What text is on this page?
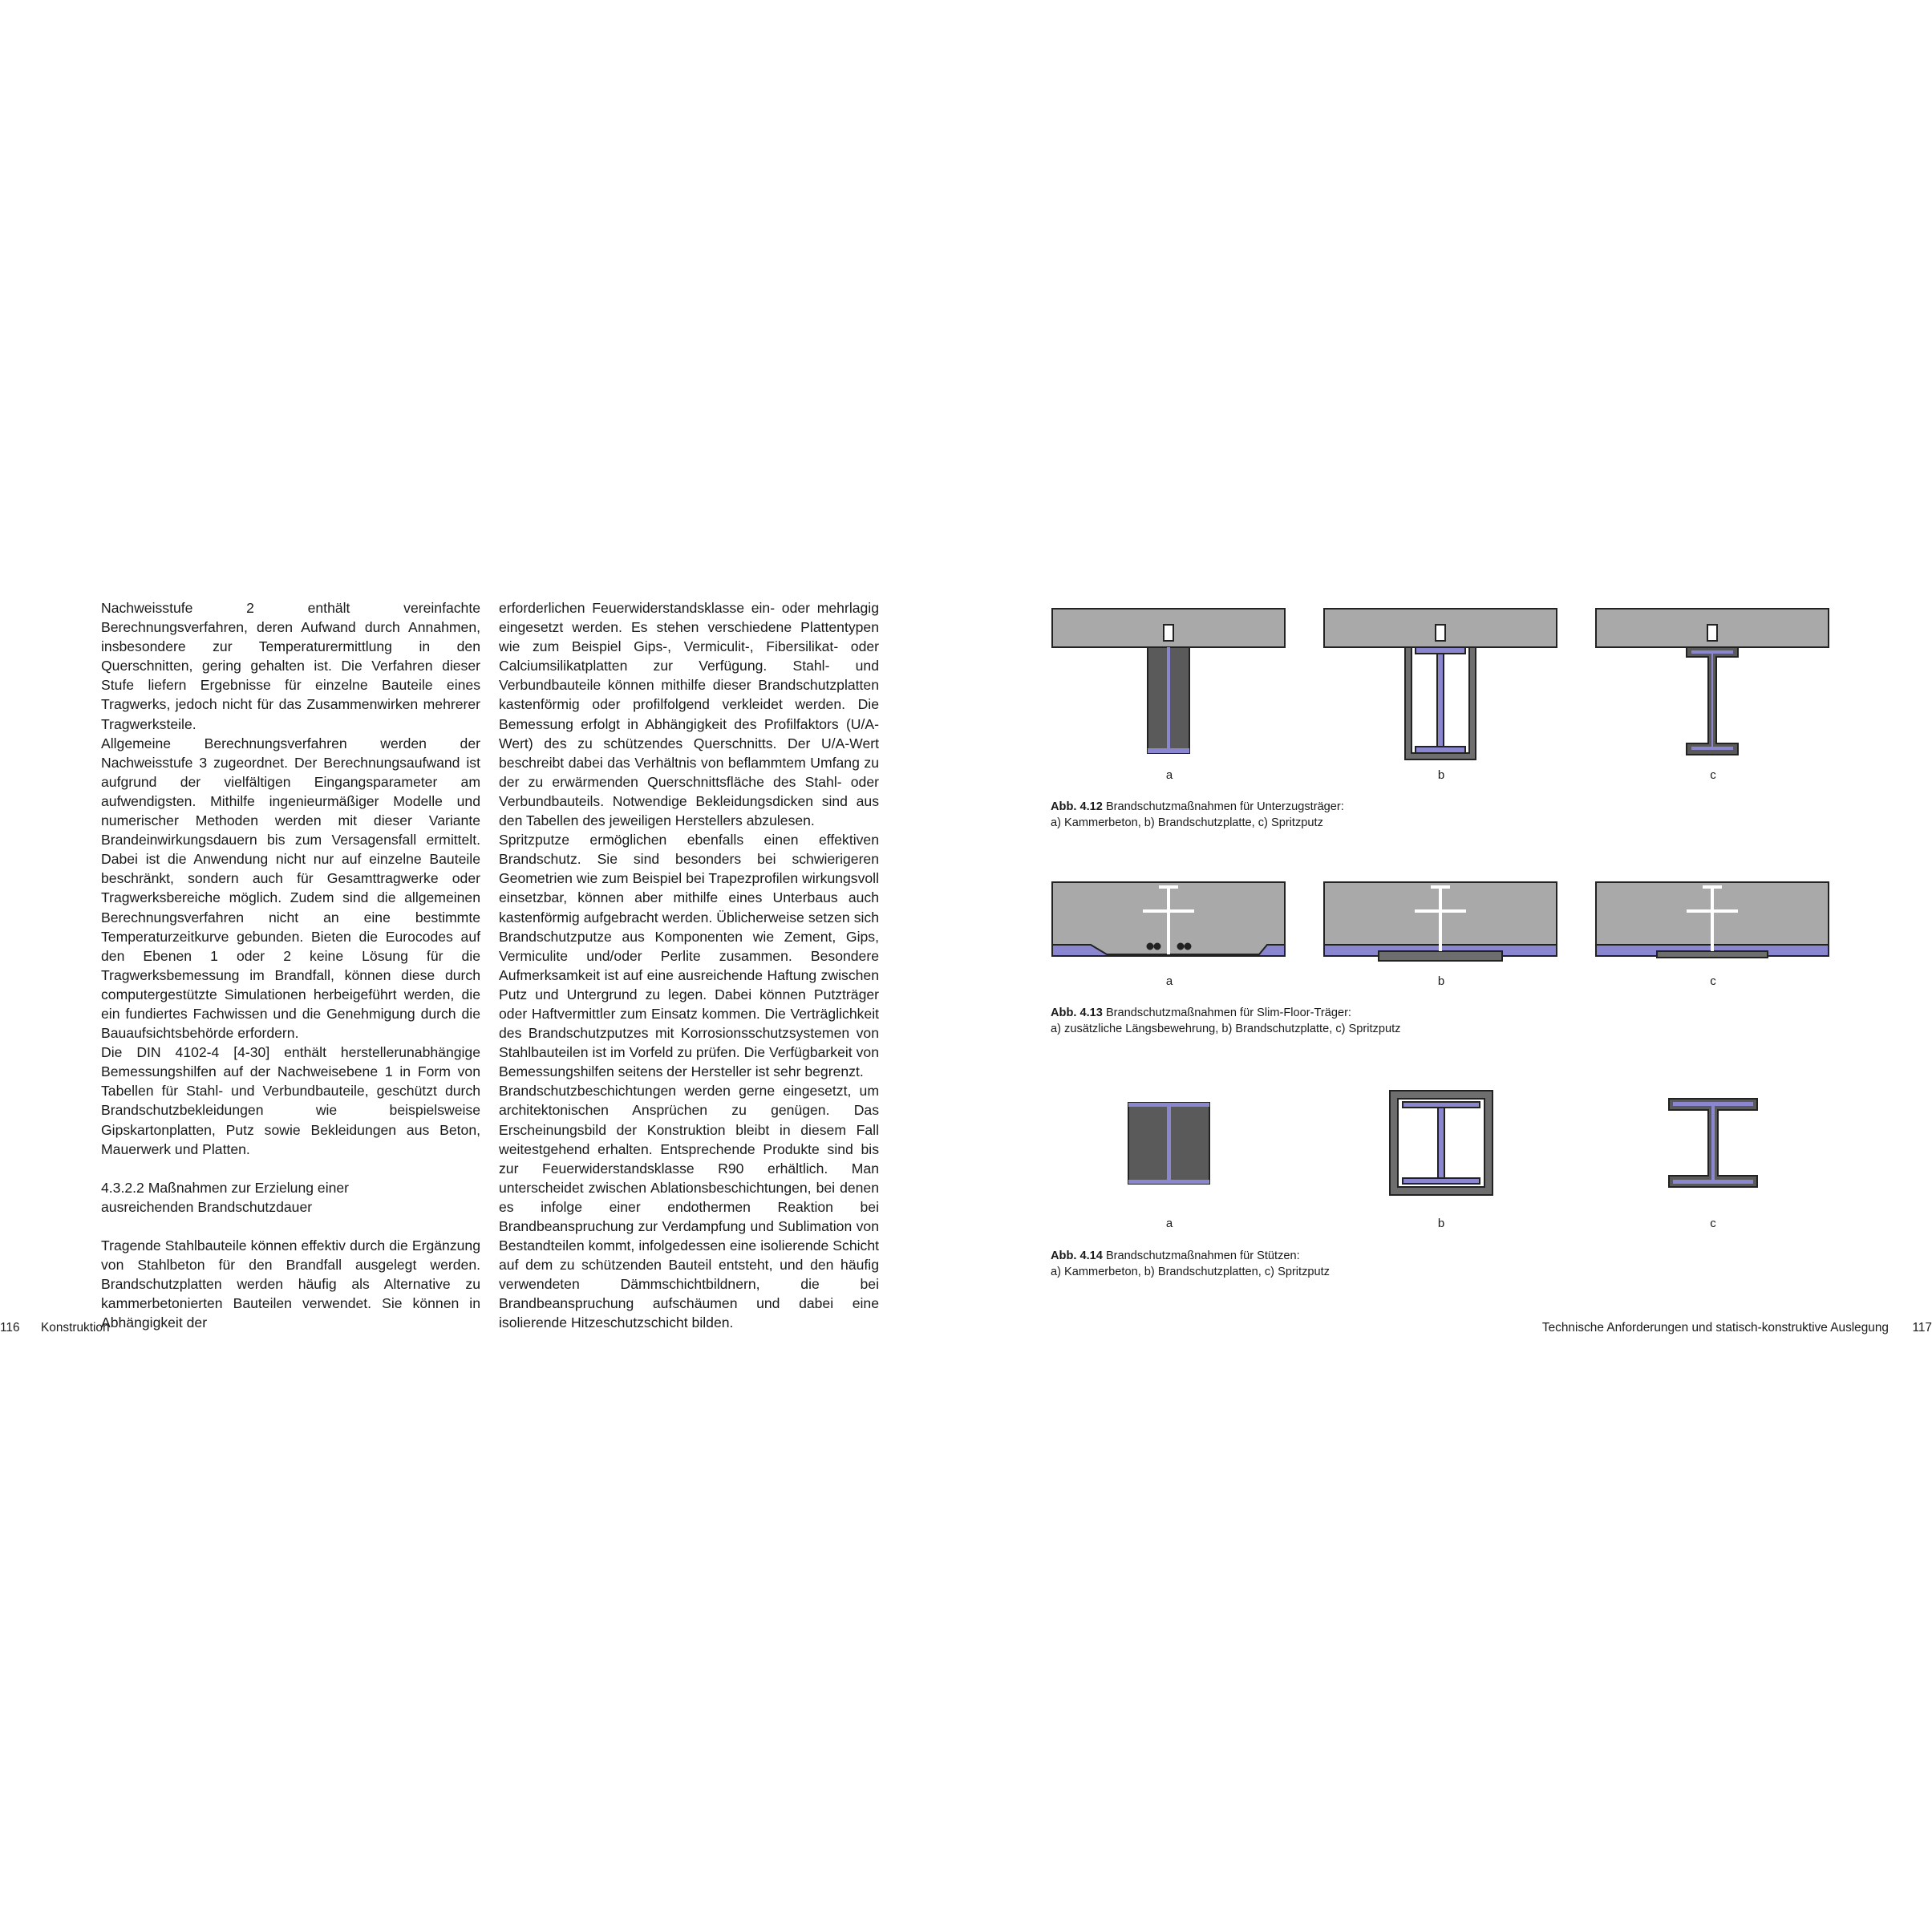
Nachweisstufe 2 enthält vereinfachte Berechnungsverfahren, deren Aufwand durch Annahmen, insbesondere zur Temperaturermittlung in den Querschnitten, gering gehalten ist. Die Verfahren dieser Stufe liefern Ergebnisse für einzelne Bauteile eines Tragwerks, jedoch nicht für das Zusammenwirken mehrerer Tragwerksteile.

Allgemeine Berechnungsverfahren werden der Nachweisstufe 3 zugeordnet. Der Berechnungsaufwand ist aufgrund der vielfältigen Eingangsparameter am aufwendigsten. Mithilfe ingenieurmäßiger Modelle und numerischer Methoden werden mit dieser Variante Brandeinwirkungsdauern bis zum Versagensfall ermittelt. Dabei ist die Anwendung nicht nur auf einzelne Bauteile beschränkt, sondern auch für Gesamttragwerke oder Tragwerksbereiche möglich. Zudem sind die allgemeinen Berechnungsverfahren nicht an eine bestimmte Temperaturzeitkurve gebunden. Bieten die Eurocodes auf den Ebenen 1 oder 2 keine Lösung für die Tragwerksbemessung im Brandfall, können diese durch computergestützte Simulationen herbeigeführt werden, die ein fundiertes Fachwissen und die Genehmigung durch die Bauaufsichtsbehörde erfordern.

Die DIN 4102-4 [4-30] enthält herstellerunabhängige Bemessungshilfen auf der Nachweisebene 1 in Form von Tabellen für Stahl- und Verbundbauteile, geschützt durch Brandschutzbekleidungen wie beispielsweise Gipskartonplatten, Putz sowie Bekleidungen aus Beton, Mauerwerk und Platten.

4.3.2.2 Maßnahmen zur Erzielung einer

ausreichenden Brandschutzdauer

Tragende Stahlbauteile können effektiv durch die Ergänzung von Stahlbeton für den Brandfall ausgelegt werden. Brandschutzplatten werden häufig als Alternative zu kammerbetonierten Bauteilen verwendet. Sie können in Abhängigkeit der

erforderlichen Feuerwiderstandsklasse ein- oder mehrlagig eingesetzt werden. Es stehen verschiedene Plattentypen wie zum Beispiel Gips-, Vermiculit-, Fibersilikat- oder Calciumsilikatplatten zur Verfügung. Stahl- und Verbundbauteile können mithilfe dieser Brandschutzplatten kastenförmig oder profilfolgend verkleidet werden. Die Bemessung erfolgt in Abhängigkeit des Profilfaktors (U/A-Wert) des zu schützendes Querschnitts. Der U/A-Wert beschreibt dabei das Verhältnis von beflammtem Umfang zu der zu erwärmenden Querschnittsfläche des Stahl- oder Verbundbauteils. Notwendige Bekleidungsdicken sind aus den Tabellen des jeweiligen Herstellers abzulesen.

Spritzputze ermöglichen ebenfalls einen effektiven Brandschutz. Sie sind besonders bei schwierigeren Geometrien wie zum Beispiel bei Trapezprofilen wirkungsvoll einsetzbar, können aber mithilfe eines Unterbaus auch kastenförmig aufgebracht werden. Üblicherweise setzen sich Brandschutzputze aus Komponenten wie Zement, Gips, Vermiculite und/oder Perlite zusammen. Besondere Aufmerksamkeit ist auf eine ausreichende Haftung zwischen Putz und Untergrund zu legen. Dabei können Putzträger oder Haftvermittler zum Einsatz kommen. Die Verträglichkeit des Brandschutzputzes mit Korrosionsschutzsystemen von Stahlbauteilen ist im Vorfeld zu prüfen. Die Verfügbarkeit von Bemessungshilfen seitens der Hersteller ist sehr begrenzt.

Brandschutzbeschichtungen werden gerne eingesetzt, um architektonischen Ansprüchen zu genügen. Das Erscheinungsbild der Konstruktion bleibt in diesem Fall weitestgehend erhalten. Entsprechende Produkte sind bis zur Feuerwiderstandsklasse R90 erhältlich. Man unterscheidet zwischen Ablationsbeschichtungen, bei denen es infolge einer endothermen Reaktion bei Brandbeanspruchung zur Verdampfung und Sublimation von Bestandteilen kommt, infolgedessen eine isolierende Schicht auf dem zu schützenden Bauteil entsteht, und den häufig verwendeten Dämmschichtbildnern, die bei Brandbeanspruchung aufschäumen und dabei eine isolierende Hitzeschutzschicht bilden.

a	b	c
Abb. 4.12 Brandschutzmaßnahmen für Unterzugsträger:
a) Kammerbeton, b) Brandschutzplatte, c) Spritzputz
a	b	c
Abb. 4.13 Brandschutzmaßnahmen für Slim-Floor-Träger:
a) zusätzliche Längsbewehrung, b) Brandschutzplatte, c) Spritzputz
a	b	c
Abb. 4.14 Brandschutzmaßnahmen für Stützen:
a) Kammerbeton, b) Brandschutzplatten, c) Spritzputz
116 Konstruktion	Technische Anforderungen und statisch-konstruktive Auslegung 117
